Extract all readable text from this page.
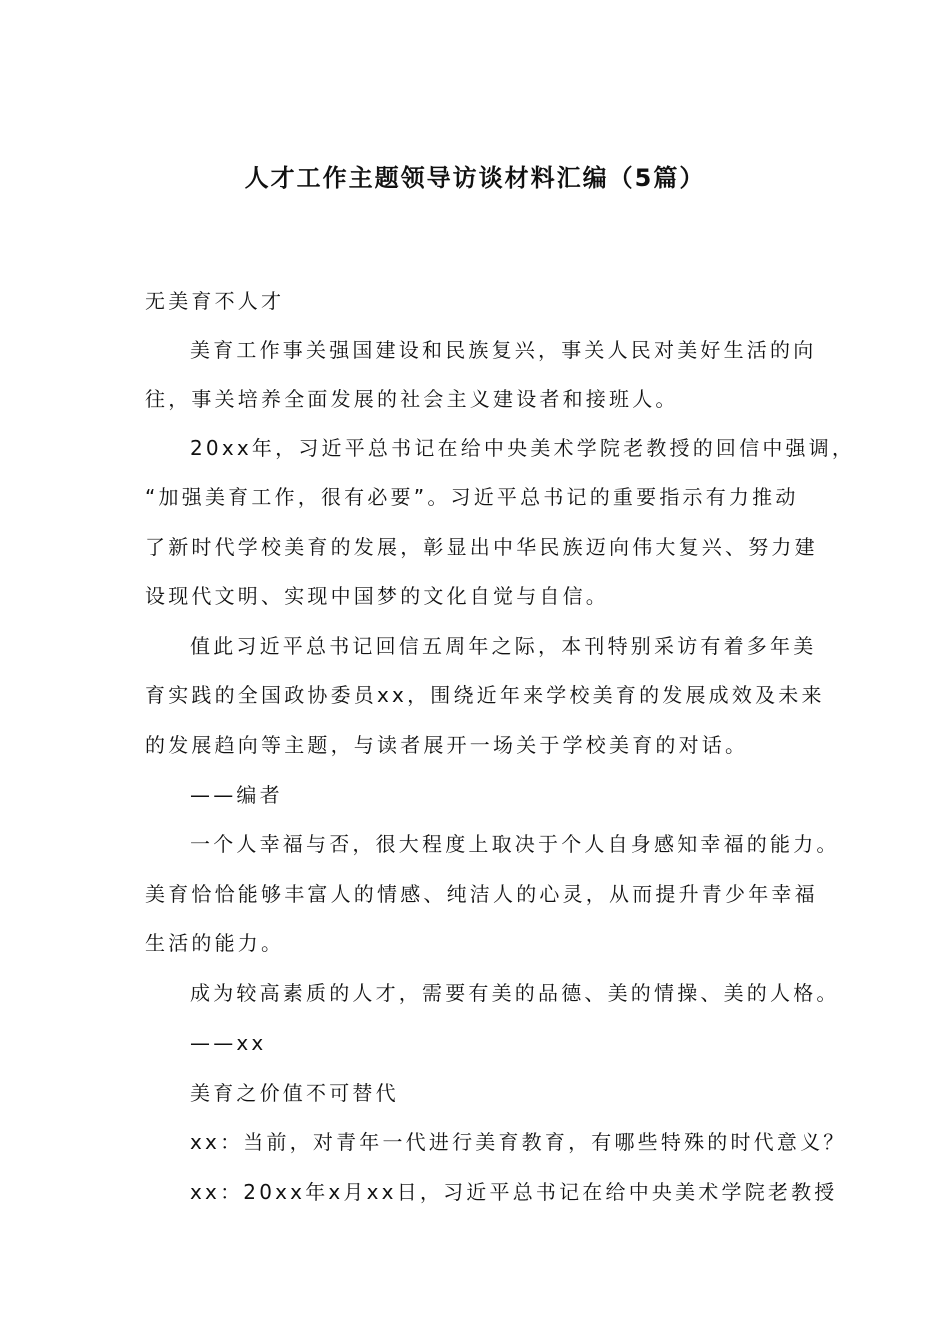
人才工作主题领导访谈材料汇编（5篇）
无美育不人才
美育工作事关强国建设和民族复兴，事关人民对美好生活的向
往，事关培养全面发展的社会主义建设者和接班人。
20xx年，习近平总书记在给中央美术学院老教授的回信中强调，
“加强美育工作，很有必要”。习近平总书记的重要指示有力推动
了新时代学校美育的发展，彰显出中华民族迈向伟大复兴、努力建
设现代文明、实现中国梦的文化自觉与自信。
值此习近平总书记回信五周年之际，本刊特别采访有着多年美
育实践的全国政协委员xx，围绕近年来学校美育的发展成效及未来
的发展趋向等主题，与读者展开一场关于学校美育的对话。
——编者
一个人幸福与否，很大程度上取决于个人自身感知幸福的能力。
美育恰恰能够丰富人的情感、纯洁人的心灵，从而提升青少年幸福
生活的能力。
成为较高素质的人才，需要有美的品德、美的情操、美的人格。
——xx
美育之价值不可替代
xx：当前，对青年一代进行美育教育，有哪些特殊的时代意义？
xx：20xx年x月xx日，习近平总书记在给中央美术学院老教授
